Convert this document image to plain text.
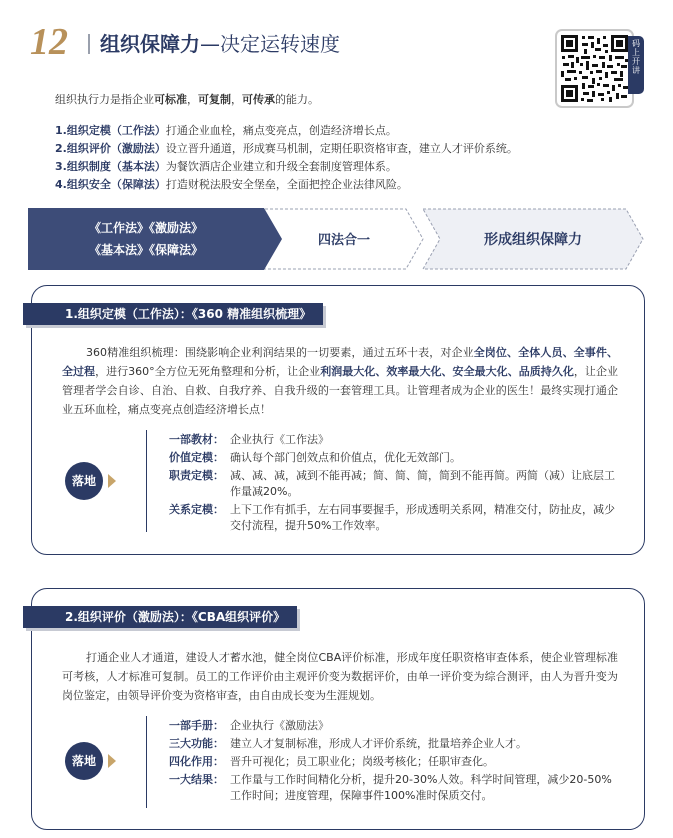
12 组织保障力—决定运转速度	码上开讲
组织执行力是指企业可标准，可复制，可传承的能力。
1.组织定模（工作法）打通企业血栓，痛点变亮点，创造经济增长点。
2.组织评价（激励法）设立晋升通道，形成赛马机制，定期任职资格审查，建立人才评价系统。
3.组织制度（基本法）为餐饮酒店企业建立和升级全套制度管理体系。
4.组织安全（保障法）打造财税法股安全堡垒，全面把控企业法律风险。
《工作法》《激励法》
《基本法》《保障法》
四法合一	形成组织保障力
1.组织定模（工作法）：《360 精准组织梳理》
360精准组织梳理：围绕影响企业利润结果的一切要素，通过五环十表，对企业全岗位、全体人员、全事件、全过程，进行360°全方位无死角整理和分析，让企业利润最大化、效率最大化、安全最大化、品质持久化，让企业管理者学会自诊、自治、自救、自我疗养、自我升级的一套管理工具。让管理者成为企业的医生！最终实现打通企业五环血栓，痛点变亮点创造经济增长点！
落地
一部教材： 企业执行《工作法》
价值定模： 确认每个部门创效点和价值点，优化无效部门。
职责定模： 减、减、减，减到不能再减；简、简、简，简到不能再简。两简（减）让底层工作量减20%。
关系定模： 上下工作有抓手，左右同事要握手，形成透明关系网，精准交付，防扯皮，减少交付流程，提升50%工作效率。
2.组织评价（激励法）：《CBA组织评价》
打通企业人才通道，建设人才蓄水池，健全岗位CBA评价标准，形成年度任职资格审查体系，使企业管理标准可考核，人才标准可复制。员工的工作评价由主观评价变为数据评价，由单一评价变为综合测评，由人为晋升变为岗位鉴定，由领导评价变为资格审查，由自由成长变为生涯规划。
落地
一部手册： 企业执行《激励法》
三大功能： 建立人才复制标准，形成人才评价系统，批量培养企业人才。
四化作用： 晋升可视化；员工职业化；岗级考核化；任职审查化。
一大结果： 工作量与工作时间精化分析，提升20-30%人效。科学时间管理，减少20-50%工作时间；进度管理，保障事件100%准时保质交付。
